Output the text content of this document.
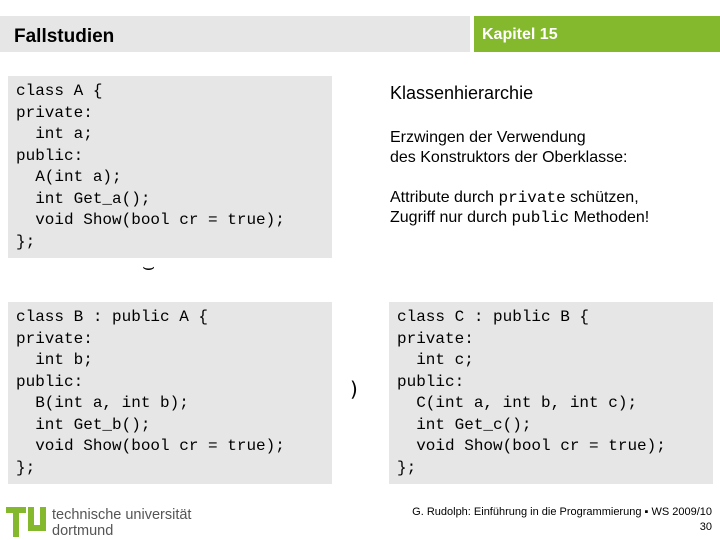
Fallstudien	Kapitel 15
class A {
private:
int a;
public:
A(int a);
int Get_a();
void Show(bool cr = true);
};
Klassenhierarchie
Erzwingen der Verwendung
des Konstruktors der Oberklasse:
Attribute durch private schützen,
Zugriff nur durch public Methoden!
⌣
class B : public A {
private:
int b;
public:
B(int a, int b);
int Get_b();
void Show(bool cr = true);
};
)
class C : public B {
private:
int c;
public:
C(int a, int b, int c);
int Get_c();
void Show(bool cr = true);
};
technische universität
dortmund
G. Rudolph: Einführung in die Programmierung ▪ WS 2009/10
30
